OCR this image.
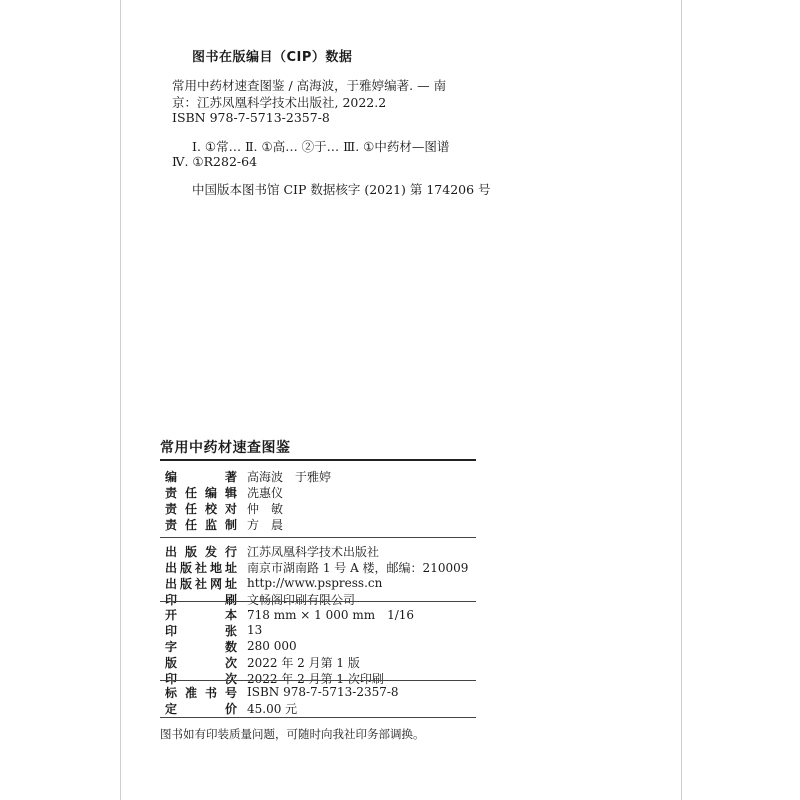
图书在版编目（CIP）数据
常用中药材速查图鉴 / 高海波，于雅婷编著. — 南
京：江苏凤凰科学技术出版社, 2022.2
ISBN 978-7-5713-2357-8
Ⅰ. ①常… Ⅱ. ①高… ②于… Ⅲ. ①中药材—图谱
Ⅳ. ①R282-64
中国版本图书馆 CIP 数据核字 (2021) 第 174206 号
常用中药材速查图鉴
编著 高海波　于雅婷
责任编辑 冼惠仪
责任校对 仲　敏
责任监制 方　晨
出版发行 江苏凤凰科学技术出版社
出版社地址 南京市湖南路 1 号 A 楼，邮编：210009
出版社网址 http://www.pspress.cn
印刷 文畅阁印刷有限公司
开本 718 mm × 1 000 mm　1/16
印张 13
字数 280 000
版次 2022 年 2 月第 1 版
印次 2022 年 2 月第 1 次印刷
标准书号 ISBN 978-7-5713-2357-8
定价 45.00 元
图书如有印装质量问题，可随时向我社印务部调换。
